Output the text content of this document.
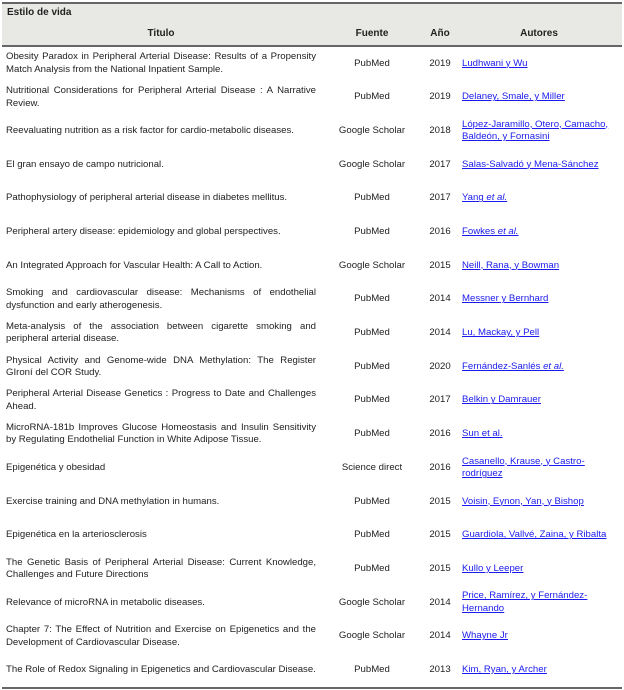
Estilo de vida
Titulo	Fuente	Año	Autores
Obesity Paradox in Peripheral Arterial Disease: Results of a Propensity Match Analysis from the National Inpatient Sample.	PubMed	2019	Ludhwani y Wu
Nutritional Considerations for Peripheral Arterial Disease : A Narrative Review.	PubMed	2019	Delaney, Smale, y Miller
Reevaluating nutrition as a risk factor for cardio-metabolic diseases.	Google Scholar	2018	López-Jaramillo, Otero, Camacho, Baldeón, y Fornasini
El gran ensayo de campo nutricional.	Google Scholar	2017	Salas-Salvadó y Mena-Sánchez
Pathophysiology of peripheral arterial disease in diabetes mellitus.	PubMed	2017	Yang et al.
Peripheral artery disease: epidemiology and global perspectives.	PubMed	2016	Fowkes et al.
An Integrated Approach for Vascular Health: A Call to Action.	Google Scholar	2015	Neill, Rana, y Bowman
Smoking and cardiovascular disease: Mechanisms of endothelial dysfunction and early atherogenesis.	PubMed	2014	Messner y Bernhard
Meta-analysis of the association between cigarette smoking and peripheral arterial disease.	PubMed	2014	Lu, Mackay, y Pell
Physical Activity and Genome-wide DNA Methylation: The Register GIroní del COR Study.	PubMed	2020	Fernández-Sanlés et al.
Peripheral Arterial Disease Genetics : Progress to Date and Challenges Ahead.	PubMed	2017	Belkin y Damrauer
MicroRNA-181b Improves Glucose Homeostasis and Insulin Sensitivity by Regulating Endothelial Function in White Adipose Tissue.	PubMed	2016	Sun et al.
Epigenética y obesidad	Science direct	2016	Casanello, Krause, y Castro-rodríguez
Exercise training and DNA methylation in humans.	PubMed	2015	Voisin, Eynon, Yan, y Bishop
Epigenética en la arteriosclerosis	PubMed	2015	Guardiola, Vallvé, Zaina, y Ribalta
The Genetic Basis of Peripheral Arterial Disease: Current Knowledge, Challenges and Future Directions	PubMed	2015	Kullo y Leeper
Relevance of microRNA in metabolic diseases.	Google Scholar	2014	Price, Ramírez, y Fernández-Hernando
Chapter 7: The Effect of Nutrition and Exercise on Epigenetics and the Development of Cardiovascular Disease.	Google Scholar	2014	Whayne Jr
The Role of Redox Signaling in Epigenetics and Cardiovascular Disease.	PubMed	2013	Kim, Ryan, y Archer
